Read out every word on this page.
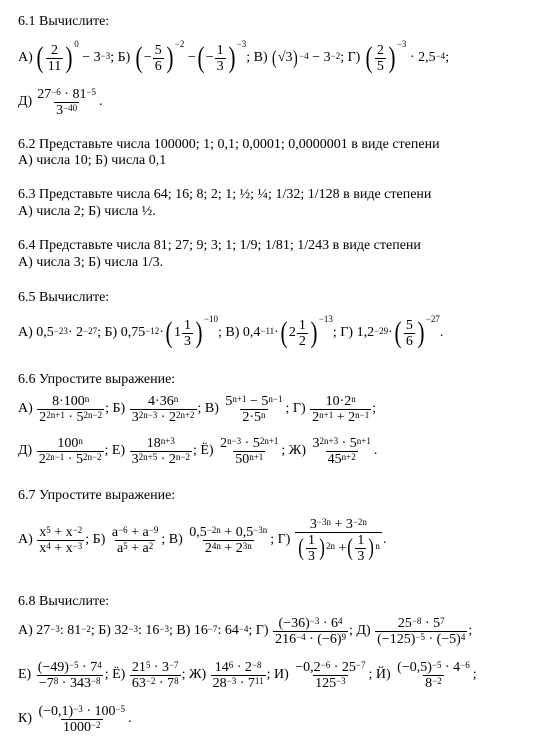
6.1 Вычислите:
А) ( $\frac{2}{11} )^0$
− $3^{-3}$ ; Б) ( − $\frac{5}{6} )^{-2}$
− ( − $\frac{1}{3} )^{-3}$
; В) ( √3 )$^{-4} - 3^{-2}$ ; Г) ( $\frac{2}{5} )^{-3}$
· $2,5^{-4}$ ;
$Д) \frac{27^{-6} \cdot 81^{-5}}{3^{-40}}$ .
6.2 Представьте числа 100000; 1; 0,1; 0,0001; 0,0000001 в виде степени
А) числа 10; Б) числа 0,1
6.3 Представьте числа 64; 16; 8; 2; 1; ½; ¼; 1/32; 1/128 в виде степени
А) числа 2; Б) числа ½.
6.4 Представьте числа 81; 27; 9; 3; 1; 1/9; 1/81; 1/243 в виде степени
А) числа 3; Б) числа 1/3.
6.5 Вычислите:
А) $0,5^{-23} \cdot 2^{-27}$ ; Б) $0,75^{-12}$ · ( $1 \frac{1}{3} )^{-10}$
; В) $0,4^{-11}$ · ( $2 \frac{1}{2} )^{-13}$
; Г) $1,2^{-29}$ · ( $\frac{5}{6} )^{-27}$
.
6.6 Упростите выражение:
$А) \frac{8\cdot 100^n}{2^{2n+1} \cdot 5^{2n-2}}$ ; $Б) \frac{4\cdot 36^n}{3^{2n-3} \cdot 2^{2n+2}}$ ; $В) \frac{5^{n+1} - 5^{n-1}}{2\cdot 5^n}$ ; $Г) \frac{10\cdot 2^n}{2^{n+1} + 2^{n-1}}$ ;
$Д) \frac{100^n}{2^{2n-1} \cdot 5^{2n-2}}$ ; $Е) \frac{18^{n+3}}{3^{2n+5} \cdot 2^{n-2}}$ ; $Ё) \frac{2^{n-3} \cdot 5^{2n+1}}{50^{n+1}}$ ; $Ж) \frac{3^{2n+3} \cdot 5^{n+1}}{45^{n+2}}$ .
6.7 Упростите выражение:
$А) \frac{x^5 + x^{-2}}{x^4 + x^{-3}}$ ; $Б) \frac{a^{-6} + a^{-9}}{a^5 + a^2}$ ; $В) \frac{0,5^{-2n} + 0,5^{-3n}}{2^{4n} + 2^{3n}}$ ; $Г) \frac{3^{-3n} + 3^{-2n}}{( \frac{1}{3} )^{2n} + ( \frac{1}{3} )^n}$ .
6.8 Вычислите:
А) $27^{-3}$ : $81^{-2}$ ; Б) $32^{-3}$ : $16^{-3}$ ; В) $16^{-7}$ : $64^{-4}$ ; $Г) \frac{(-36)^{-3} \cdot 6^4}{216^{-4} \cdot (-6)^9}$ ; $Д) \frac{25^{-8} \cdot 5^7}{(-125)^{-5} \cdot (-5)^4}$ ;
$Е) \frac{(-49)^{-5} \cdot 7^4}{-7^8 \cdot 343^{-8}}$ ; $Ё) \frac{21^5 \cdot 3^{-7}}{63^{-2} \cdot 7^8}$ ; $Ж) \frac{14^6 \cdot 2^{-8}}{28^{-3} \cdot 7^{11}}$ ; $И) \frac{-0,2^{-6} \cdot 25^{-7}}{125^{-3}}$ ; $Й) \frac{(-0,5)^{-5} \cdot 4^{-6}}{8^{-2}}$ ;
$К) \frac{(-0,1)^{-3} \cdot 100^{-5}}{1000^{-2}}$ .
